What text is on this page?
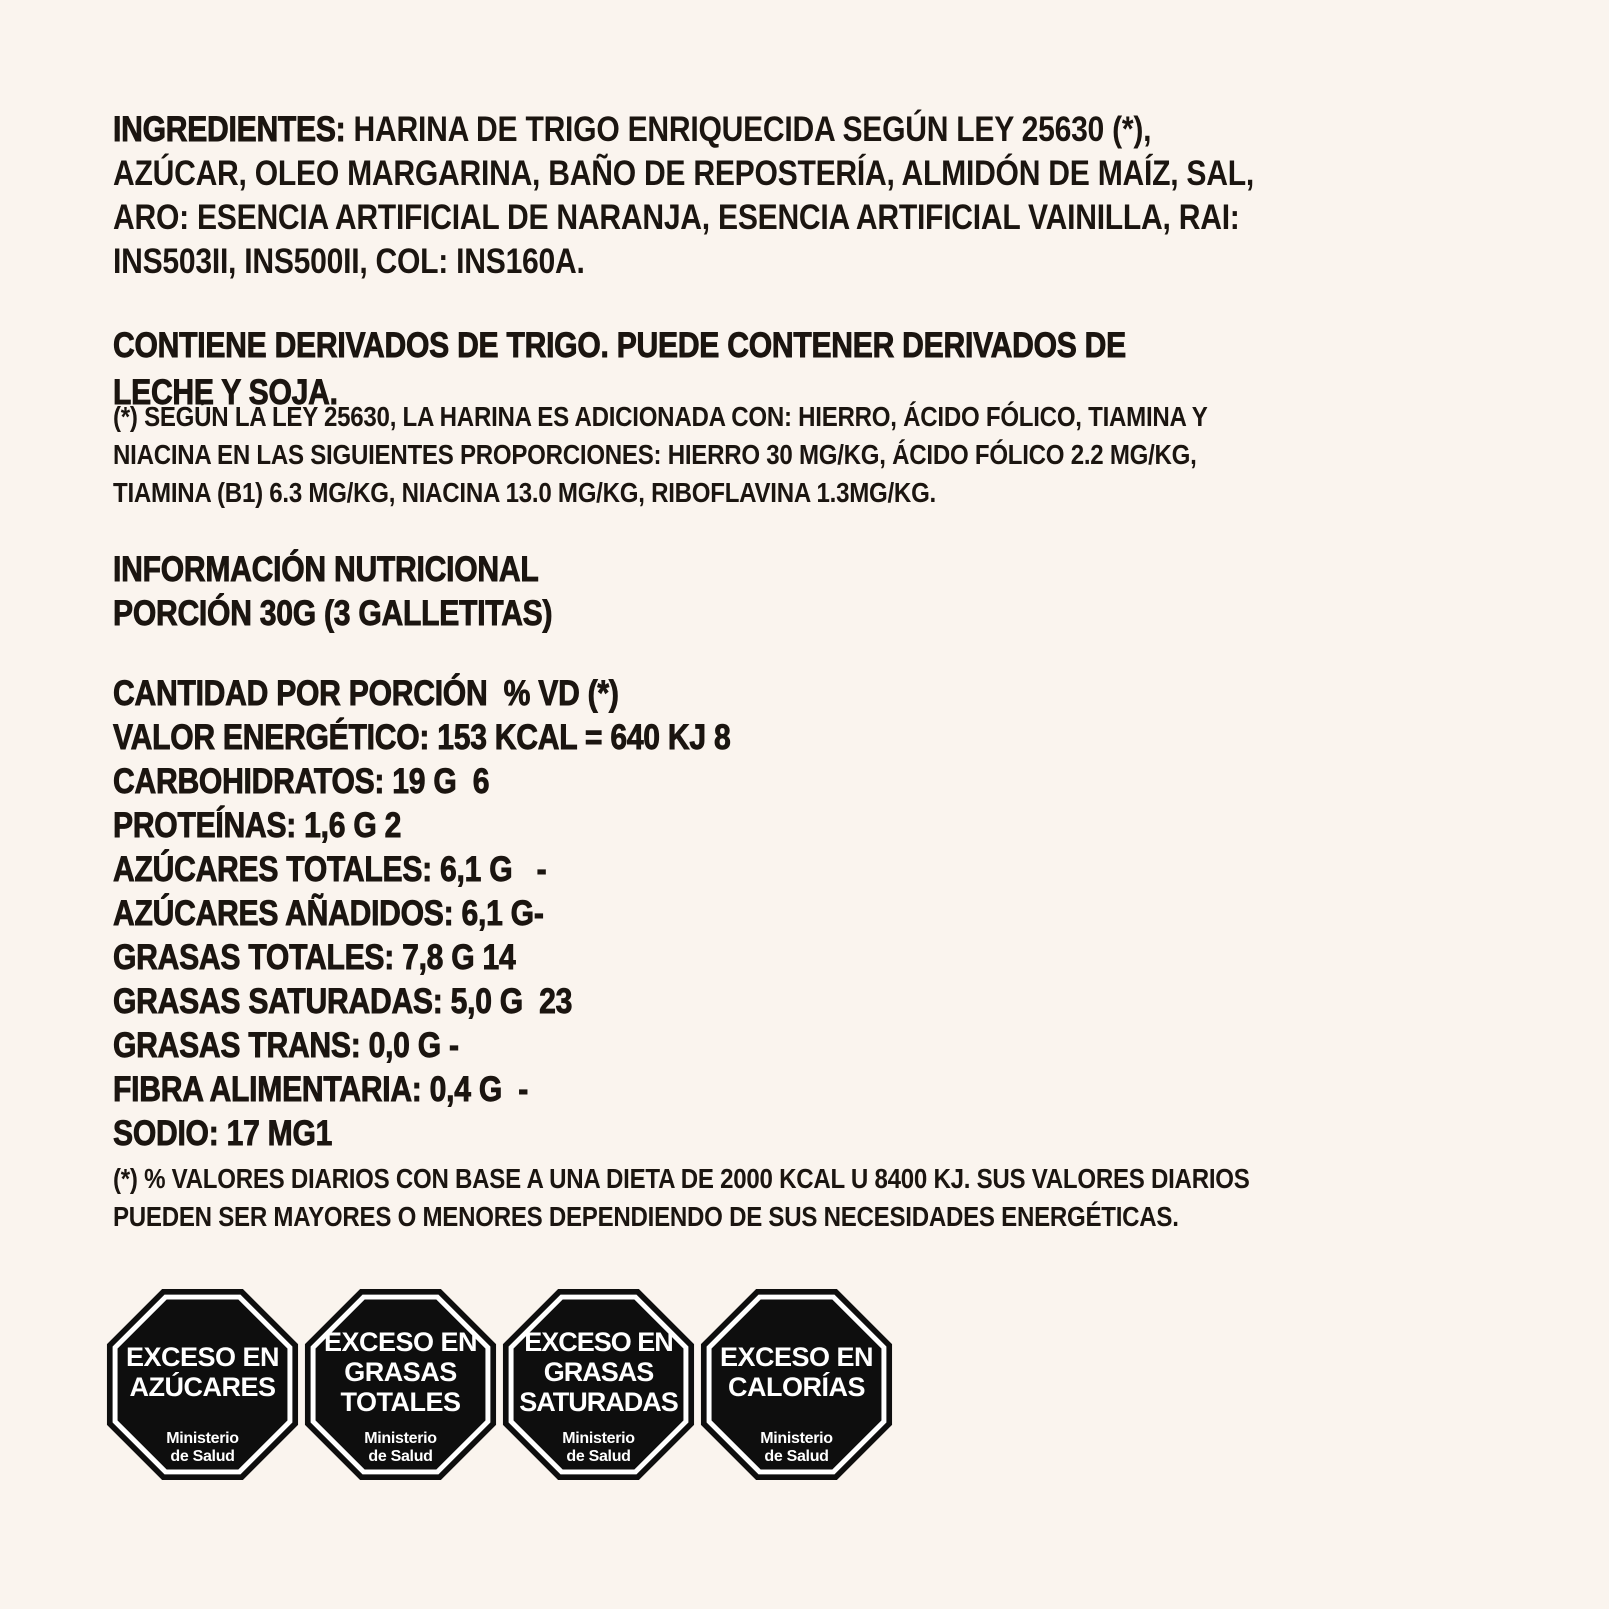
INGREDIENTES: HARINA DE TRIGO ENRIQUECIDA SEGÚN LEY 25630 (*),
AZÚCAR, OLEO MARGARINA, BAÑO DE REPOSTERÍA, ALMIDÓN DE MAÍZ, SAL,
ARO: ESENCIA ARTIFICIAL DE NARANJA, ESENCIA ARTIFICIAL VAINILLA, RAI:
INS503II, INS500II, COL: INS160A.
CONTIENE DERIVADOS DE TRIGO. PUEDE CONTENER DERIVADOS DE
LECHE Y SOJA.
(*) SEGÚN LA LEY 25630, LA HARINA ES ADICIONADA CON: HIERRO, ÁCIDO FÓLICO, TIAMINA Y
NIACINA EN LAS SIGUIENTES PROPORCIONES: HIERRO 30 MG/KG, ÁCIDO FÓLICO 2.2 MG/KG,
TIAMINA (B1) 6.3 MG/KG, NIACINA 13.0 MG/KG, RIBOFLAVINA 1.3MG/KG.
INFORMACIÓN NUTRICIONAL
PORCIÓN 30G (3 GALLETITAS)
CANTIDAD POR PORCIÓN  % VD (*)
VALOR ENERGÉTICO: 153 KCAL = 640 KJ 8
CARBOHIDRATOS: 19 G  6
PROTEÍNAS: 1,6 G 2
AZÚCARES TOTALES: 6,1 G   -
AZÚCARES AÑADIDOS: 6,1 G-
GRASAS TOTALES: 7,8 G 14
GRASAS SATURADAS: 5,0 G  23
GRASAS TRANS: 0,0 G -
FIBRA ALIMENTARIA: 0,4 G  -
SODIO: 17 MG1
(*) % VALORES DIARIOS CON BASE A UNA DIETA DE 2000 KCAL U 8400 KJ. SUS VALORES DIARIOS
PUEDEN SER MAYORES O MENORES DEPENDIENDO DE SUS NECESIDADES ENERGÉTICAS.
EXCESO EN
AZÚCARES
Ministerio
de Salud
EXCESO EN
GRASAS
TOTALES
Ministerio
de Salud
EXCESO EN
GRASAS
SATURADAS
Ministerio
de Salud
EXCESO EN
CALORÍAS
Ministerio
de Salud
